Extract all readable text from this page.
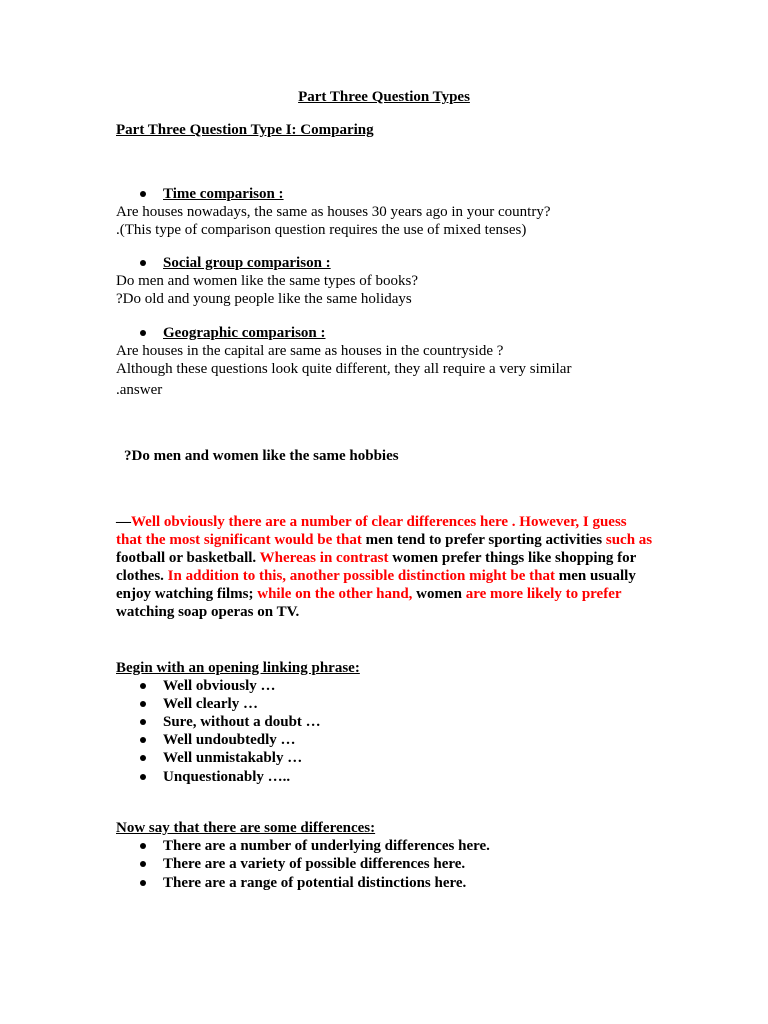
Part Three Question Types
Part Three Question Type I: Comparing
Time comparison :
Are houses nowadays, the same as houses 30 years ago in your country?
.(This type of comparison question requires the use of mixed tenses)
Social group comparison :
Do men and women like the same types of books?
?Do old and young people like the same holidays
Geographic comparison :
Are houses in the capital are same as houses in the countryside ?
Although these questions look quite different, they all require a very similar
.answer
?Do men and women like the same hobbies
—Well obviously there are a number of clear differences here . However, I guess that the most significant would be that men tend to prefer sporting activities such as football or basketball. Whereas in contrast women prefer things like shopping for clothes. In addition to this, another possible distinction might be that men usually enjoy watching films; while on the other hand, women are more likely to prefer watching soap operas on TV.
Begin with an opening linking phrase:
Well obviously …
Well clearly …
Sure, without a doubt …
Well undoubtedly …
Well unmistakably …
Unquestionably …..
Now say that there are some differences:
There are a number of underlying differences here.
There are a variety of possible differences here.
There are a range of potential distinctions here.
